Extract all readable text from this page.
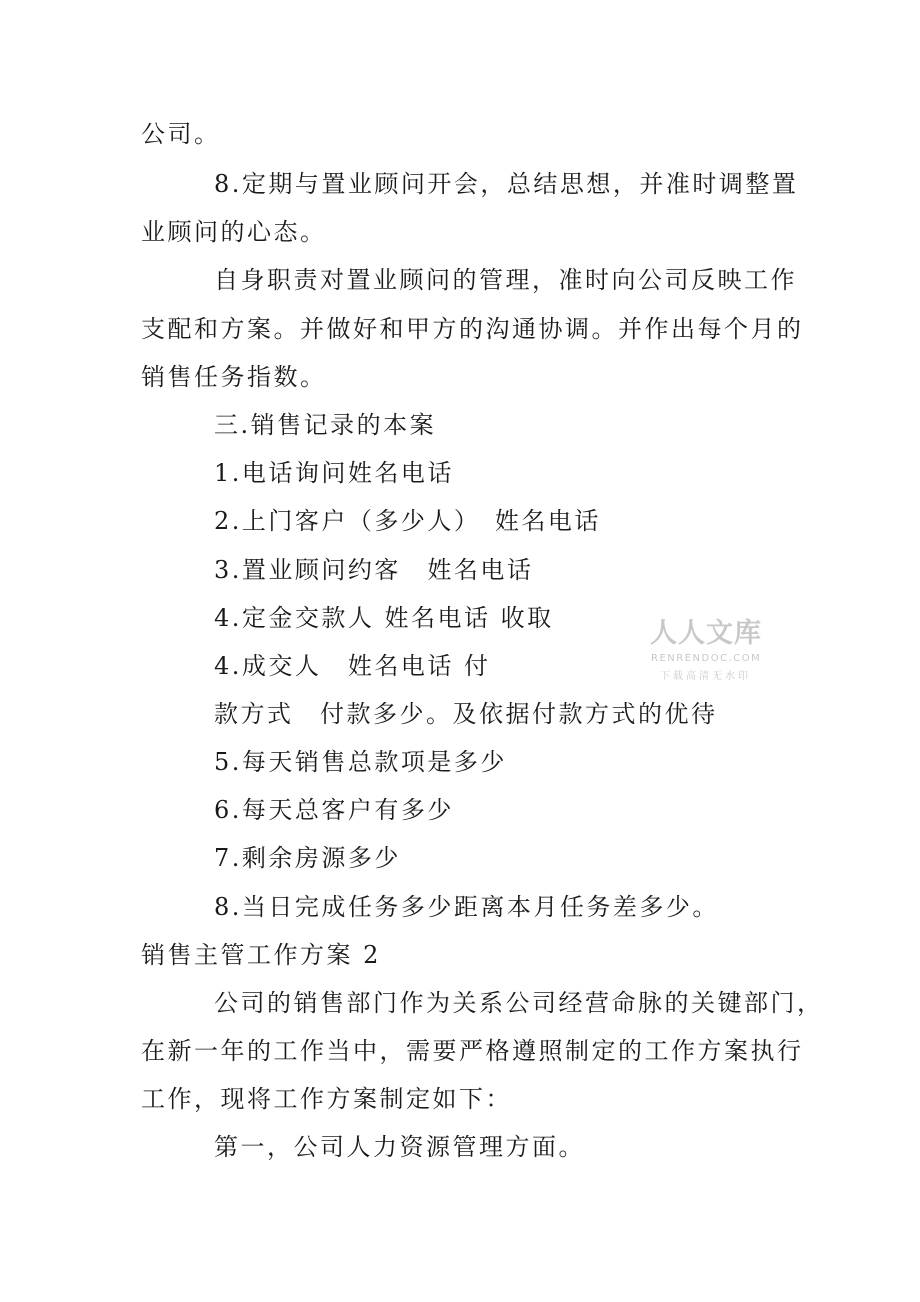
公司。
8.定期与置业顾问开会，总结思想，并准时调整置
业顾问的心态。
自身职责对置业顾问的管理，准时向公司反映工作
支配和方案。并做好和甲方的沟通协调。并作出每个月的
销售任务指数。
三.销售记录的本案
1.电话询问姓名电话
2.上门客户（多少人）　姓名电话
3.置业顾问约客　姓名电话
4.定金交款人 姓名电话 收取
4.成交人　姓名电话 付
款方式　付款多少。及依据付款方式的优待
5.每天销售总款项是多少
6.每天总客户有多少
7.剩余房源多少
8.当日完成任务多少距离本月任务差多少。
销售主管工作方案 2
公司的销售部门作为关系公司经营命脉的关键部门，
在新一年的工作当中，需要严格遵照制定的工作方案执行
工作，现将工作方案制定如下：
第一，公司人力资源管理方面。
人人文库
RENRENDOC.COM
下载高清无水印
